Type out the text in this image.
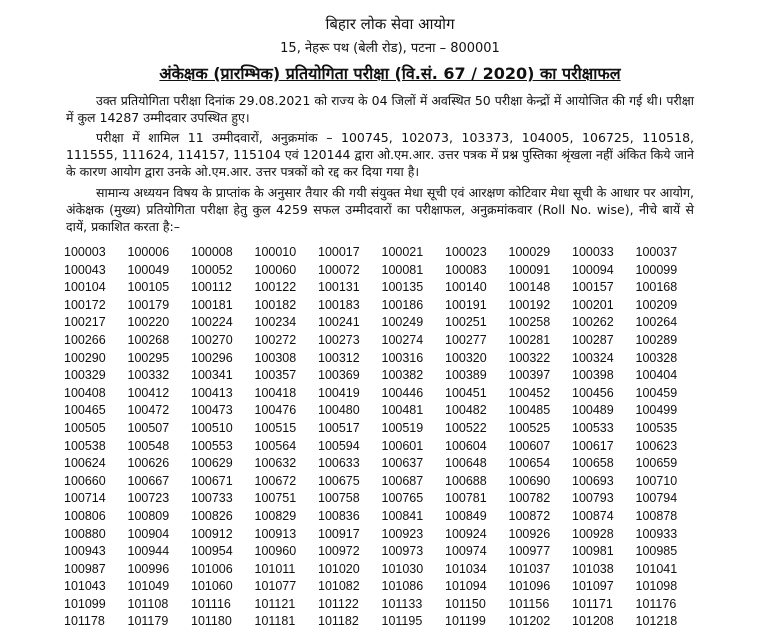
बिहार लोक सेवा आयोग
15, नेहरू पथ (बेली रोड), पटना – 800001
अंकेक्षक (प्रारम्भिक) प्रतियोगिता परीक्षा (वि.सं. 67 / 2020) का परीक्षाफल

उक्त प्रतियोगिता परीक्षा दिनांक 29.08.2021 को राज्य के 04 जिलों में अवस्थित 50 परीक्षा केन्द्रों में आयोजित की गई थी। परीक्षा में कुल 14287 उम्मीदवार उपस्थित हुए।

परीक्षा में शामिल 11 उम्मीदवारों, अनुक्रमांक – 100745, 102073, 103373, 104005, 106725, 110518, 111555, 111624, 114157, 115104 एवं 120144 द्वारा ओ.एम.आर. उत्तर पत्रक में प्रश्न पुस्तिका श्रृंखला नहीं अंकित किये जाने के कारण आयोग द्वारा उनके ओ.एम.आर. उत्तर पत्रकों को रद्द कर दिया गया है।

सामान्य अध्ययन विषय के प्राप्तांक के अनुसार तैयार की गयी संयुक्त मेधा सूची एवं आरक्षण कोटिवार मेधा सूची के आधार पर आयोग, अंकेक्षक (मुख्य) प्रतियोगिता परीक्षा हेतु कुल 4259 सफल उम्मीदवारों का परीक्षाफल, अनुक्रमांकवार (Roll No. wise), नीचे बायें से दायें, प्रकाशित करता है:–

100003	100006	100008	100010	100017	100021	100023	100029	100033	100037
100043	100049	100052	100060	100072	100081	100083	100091	100094	100099
100104	100105	100112	100122	100131	100135	100140	100148	100157	100168
100172	100179	100181	100182	100183	100186	100191	100192	100201	100209
100217	100220	100224	100234	100241	100249	100251	100258	100262	100264
100266	100268	100270	100272	100273	100274	100277	100281	100287	100289
100290	100295	100296	100308	100312	100316	100320	100322	100324	100328
100329	100332	100341	100357	100369	100382	100389	100397	100398	100404
100408	100412	100413	100418	100419	100446	100451	100452	100456	100459
100465	100472	100473	100476	100480	100481	100482	100485	100489	100499
100505	100507	100510	100515	100517	100519	100522	100525	100533	100535
100538	100548	100553	100564	100594	100601	100604	100607	100617	100623
100624	100626	100629	100632	100633	100637	100648	100654	100658	100659
100660	100667	100671	100672	100675	100687	100688	100690	100693	100710
100714	100723	100733	100751	100758	100765	100781	100782	100793	100794
100806	100809	100826	100829	100836	100841	100849	100872	100874	100878
100880	100904	100912	100913	100917	100923	100924	100926	100928	100933
100943	100944	100954	100960	100972	100973	100974	100977	100981	100985
100987	100996	101006	101011	101020	101030	101034	101037	101038	101041
101043	101049	101060	101077	101082	101086	101094	101096	101097	101098
101099	101108	101116	101121	101122	101133	101150	101156	101171	101176
101178	101179	101180	101181	101182	101195	101199	101202	101208	101218
